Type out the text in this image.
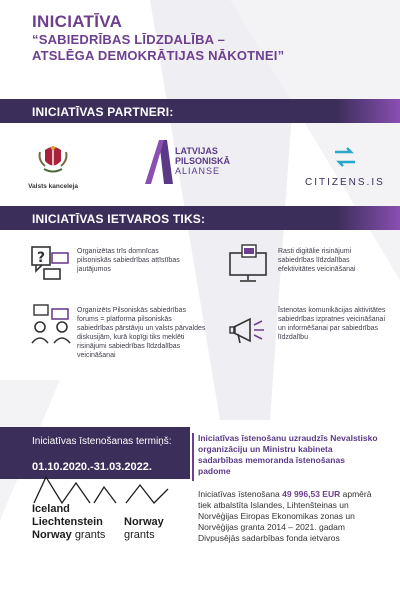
INICIATĪVA
“SABIEDRĪBAS LĪDZDALĪBA –
ATSLĒGA DEMOKRĀTIJAS NĀKOTNEI”
INICIATĪVAS PARTNERI:
Valsts kanceleja
LATVIJAS
PILSONISKĀ
ALIANSE
CITIZENS.IS
INICIATĪVAS IETVAROS TIKS:
?	Organizētas trīs domnīcas pilsoniskās sabiedrības attīstības jautājumos
Rasti digitālie risinājumi sabiedrības līdzdalības efektivitātes veicināšanai
Organizēts Pilsoniskās sabiedrības forums = platforma pilsoniskās sabiedrības pārstāvju un valsts pārvaldes diskusijām, kurā kopīgi tiks meklēti risinājumi sabiedrības līdzdalības veicināšanai
Īstenotas komunikācijas aktivitātes sabiedrības izpratnes veicināšanai un informēšanai par sabiedrības līdzdalību
Iniciatīvas īstenošanas termiņš:
01.10.2020.-31.03.2022.
Iniciatīvas īstenošanu uzraudzīs Nevalstisko organizāciju un Ministru kabineta sadarbības memoranda īstenošanas padome
Iniciatīvas īstenošana 49 996,53 EUR apmērā tiek atbalstīta Islandes, Lihtenšteinas un Norvēģijas Eiropas Ekonomikas zonas un Norvēģijas granta 2014 – 2021. gadam Divpusējās sadarbības fonda ietvaros
Iceland
Liechtenstein
Norway grants
Norway
grants
